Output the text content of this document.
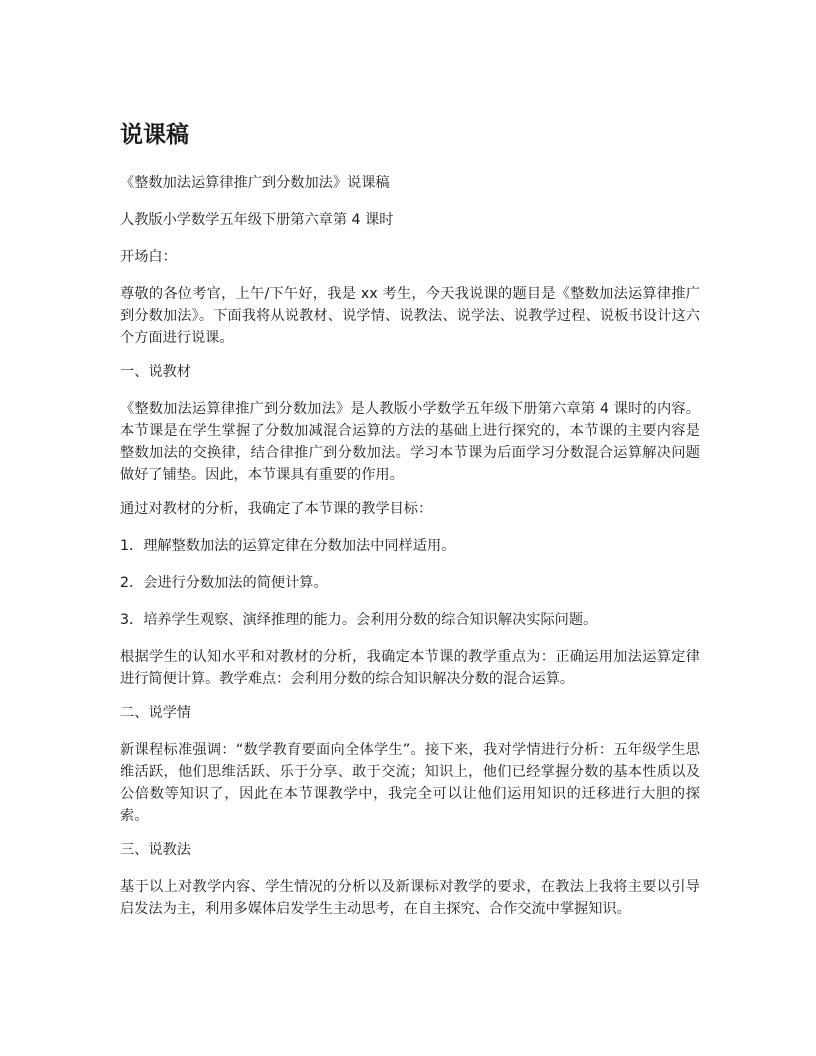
说课稿

《整数加法运算律推广到分数加法》说课稿

人教版小学数学五年级下册第六章第 4 课时

开场白：

尊敬的各位考官，上午/下午好，我是 xx 考生，今天我说课的题目是《整数加法运算律推广到分数加法》。下面我将从说教材、说学情、说教法、说学法、说教学过程、说板书设计这六个方面进行说课。

一、说教材

《整数加法运算律推广到分数加法》是人教版小学数学五年级下册第六章第 4 课时的内容。本节课是在学生掌握了分数加减混合运算的方法的基础上进行探究的，本节课的主要内容是整数加法的交换律，结合律推广到分数加法。学习本节课为后面学习分数混合运算解决问题做好了铺垫。因此，本节课具有重要的作用。

通过对教材的分析，我确定了本节课的教学目标：

1．理解整数加法的运算定律在分数加法中同样适用。

2．会进行分数加法的简便计算。

3．培养学生观察、演绎推理的能力。会利用分数的综合知识解决实际问题。

根据学生的认知水平和对教材的分析，我确定本节课的教学重点为：正确运用加法运算定律进行简便计算。教学难点：会利用分数的综合知识解决分数的混合运算。

二、说学情

新课程标准强调：“数学教育要面向全体学生”。接下来，我对学情进行分析：五年级学生思维活跃，他们思维活跃、乐于分享、敢于交流；知识上，他们已经掌握分数的基本性质以及公倍数等知识了，因此在本节课教学中，我完全可以让他们运用知识的迁移进行大胆的探索。

三、说教法

基于以上对教学内容、学生情况的分析以及新课标对教学的要求，在教法上我将主要以引导启发法为主，利用多媒体启发学生主动思考，在自主探究、合作交流中掌握知识。
